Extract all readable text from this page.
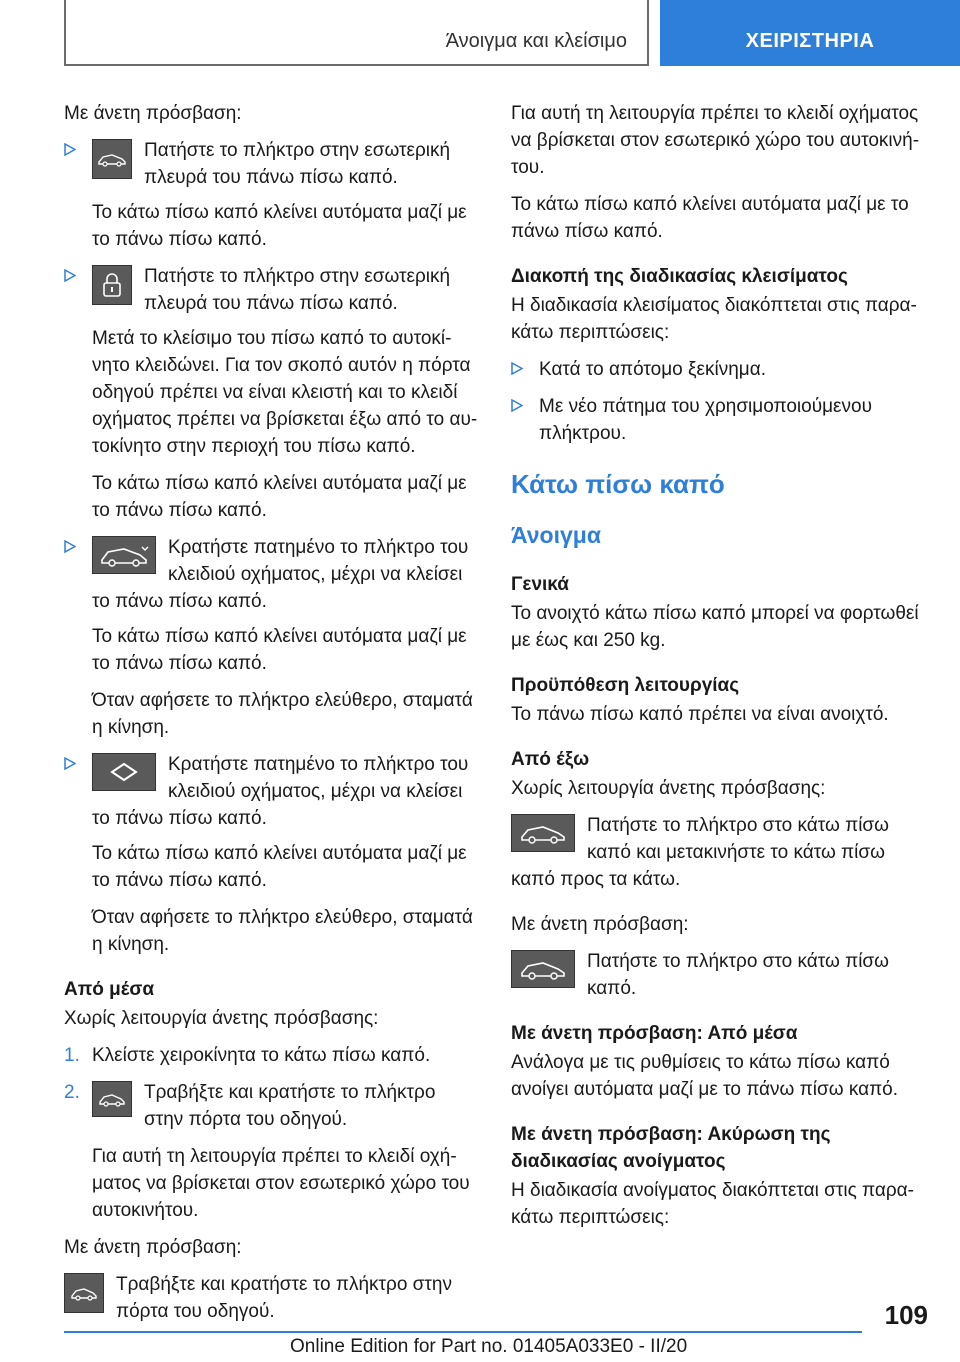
Άνοιγμα και κλείσιμο	ΧΕΙΡΙΣΤΗΡΙΑ

Με άνετη πρόσβαση:

Πατήστε το πλήκτρο στην εσωτερική πλευρά του πάνω πίσω καπό.

Το κάτω πίσω καπό κλείνει αυτόματα μαζί με το πάνω πίσω καπό.

Πατήστε το πλήκτρο στην εσωτερική πλευρά του πάνω πίσω καπό.

Μετά το κλείσιμο του πίσω καπό το αυτοκίνητο κλειδώνει. Για τον σκοπό αυτόν η πόρτα οδηγού πρέπει να είναι κλειστή και το κλειδί οχήματος πρέπει να βρίσκεται έξω από το αυτοκίνητο στην περιοχή του πίσω καπό.

Το κάτω πίσω καπό κλείνει αυτόματα μαζί με το πάνω πίσω καπό.

Κρατήστε πατημένο το πλήκτρο του κλειδιού οχήματος, μέχρι να κλείσει το πάνω πίσω καπό.

Το κάτω πίσω καπό κλείνει αυτόματα μαζί με το πάνω πίσω καπό.

Όταν αφήσετε το πλήκτρο ελεύθερο, σταματά η κίνηση.

Κρατήστε πατημένο το πλήκτρο του κλειδιού οχήματος, μέχρι να κλείσει το πάνω πίσω καπό.

Το κάτω πίσω καπό κλείνει αυτόματα μαζί με το πάνω πίσω καπό.

Όταν αφήσετε το πλήκτρο ελεύθερο, σταματά η κίνηση.

Από μέσα

Χωρίς λειτουργία άνετης πρόσβασης:

1. Κλείστε χειροκίνητα το κάτω πίσω καπό.
2.	Τραβήξτε και κρατήστε το πλήκτρο στην πόρτα του οδηγού.

Για αυτή τη λειτουργία πρέπει το κλειδί οχήματος να βρίσκεται στον εσωτερικό χώρο του αυτοκινήτου.

Με άνετη πρόσβαση:

Τραβήξτε και κρατήστε το πλήκτρο στην πόρτα του οδηγού.

Για αυτή τη λειτουργία πρέπει το κλειδί οχήματος να βρίσκεται στον εσωτερικό χώρο του αυτοκινήτου.

Το κάτω πίσω καπό κλείνει αυτόματα μαζί με το πάνω πίσω καπό.

Διακοπή της διαδικασίας κλεισίματος

Η διαδικασία κλεισίματος διακόπτεται στις παρακάτω περιπτώσεις:

Κατά το απότομο ξεκίνημα.
Με νέο πάτημα του χρησιμοποιούμενου πλήκτρου.
Κάτω πίσω καπό
Άνοιγμα

Γενικά

Το ανοιχτό κάτω πίσω καπό μπορεί να φορτωθεί με έως και 250 kg.

Προϋπόθεση λειτουργίας

Το πάνω πίσω καπό πρέπει να είναι ανοιχτό.

Από έξω

Χωρίς λειτουργία άνετης πρόσβασης:

Πατήστε το πλήκτρο στο κάτω πίσω καπό και μετακινήστε το κάτω πίσω καπό προς τα κάτω.

Με άνετη πρόσβαση:

Πατήστε το πλήκτρο στο κάτω πίσω καπό.

Με άνετη πρόσβαση: Από μέσα

Ανάλογα με τις ρυθμίσεις το κάτω πίσω καπό ανοίγει αυτόματα μαζί με το πάνω πίσω καπό.

Με άνετη πρόσβαση: Ακύρωση της διαδικασίας ανοίγματος

Η διαδικασία ανοίγματος διακόπτεται στις παρακάτω περιπτώσεις:

109
Online Edition for Part no. 01405A033E0 - II/20
